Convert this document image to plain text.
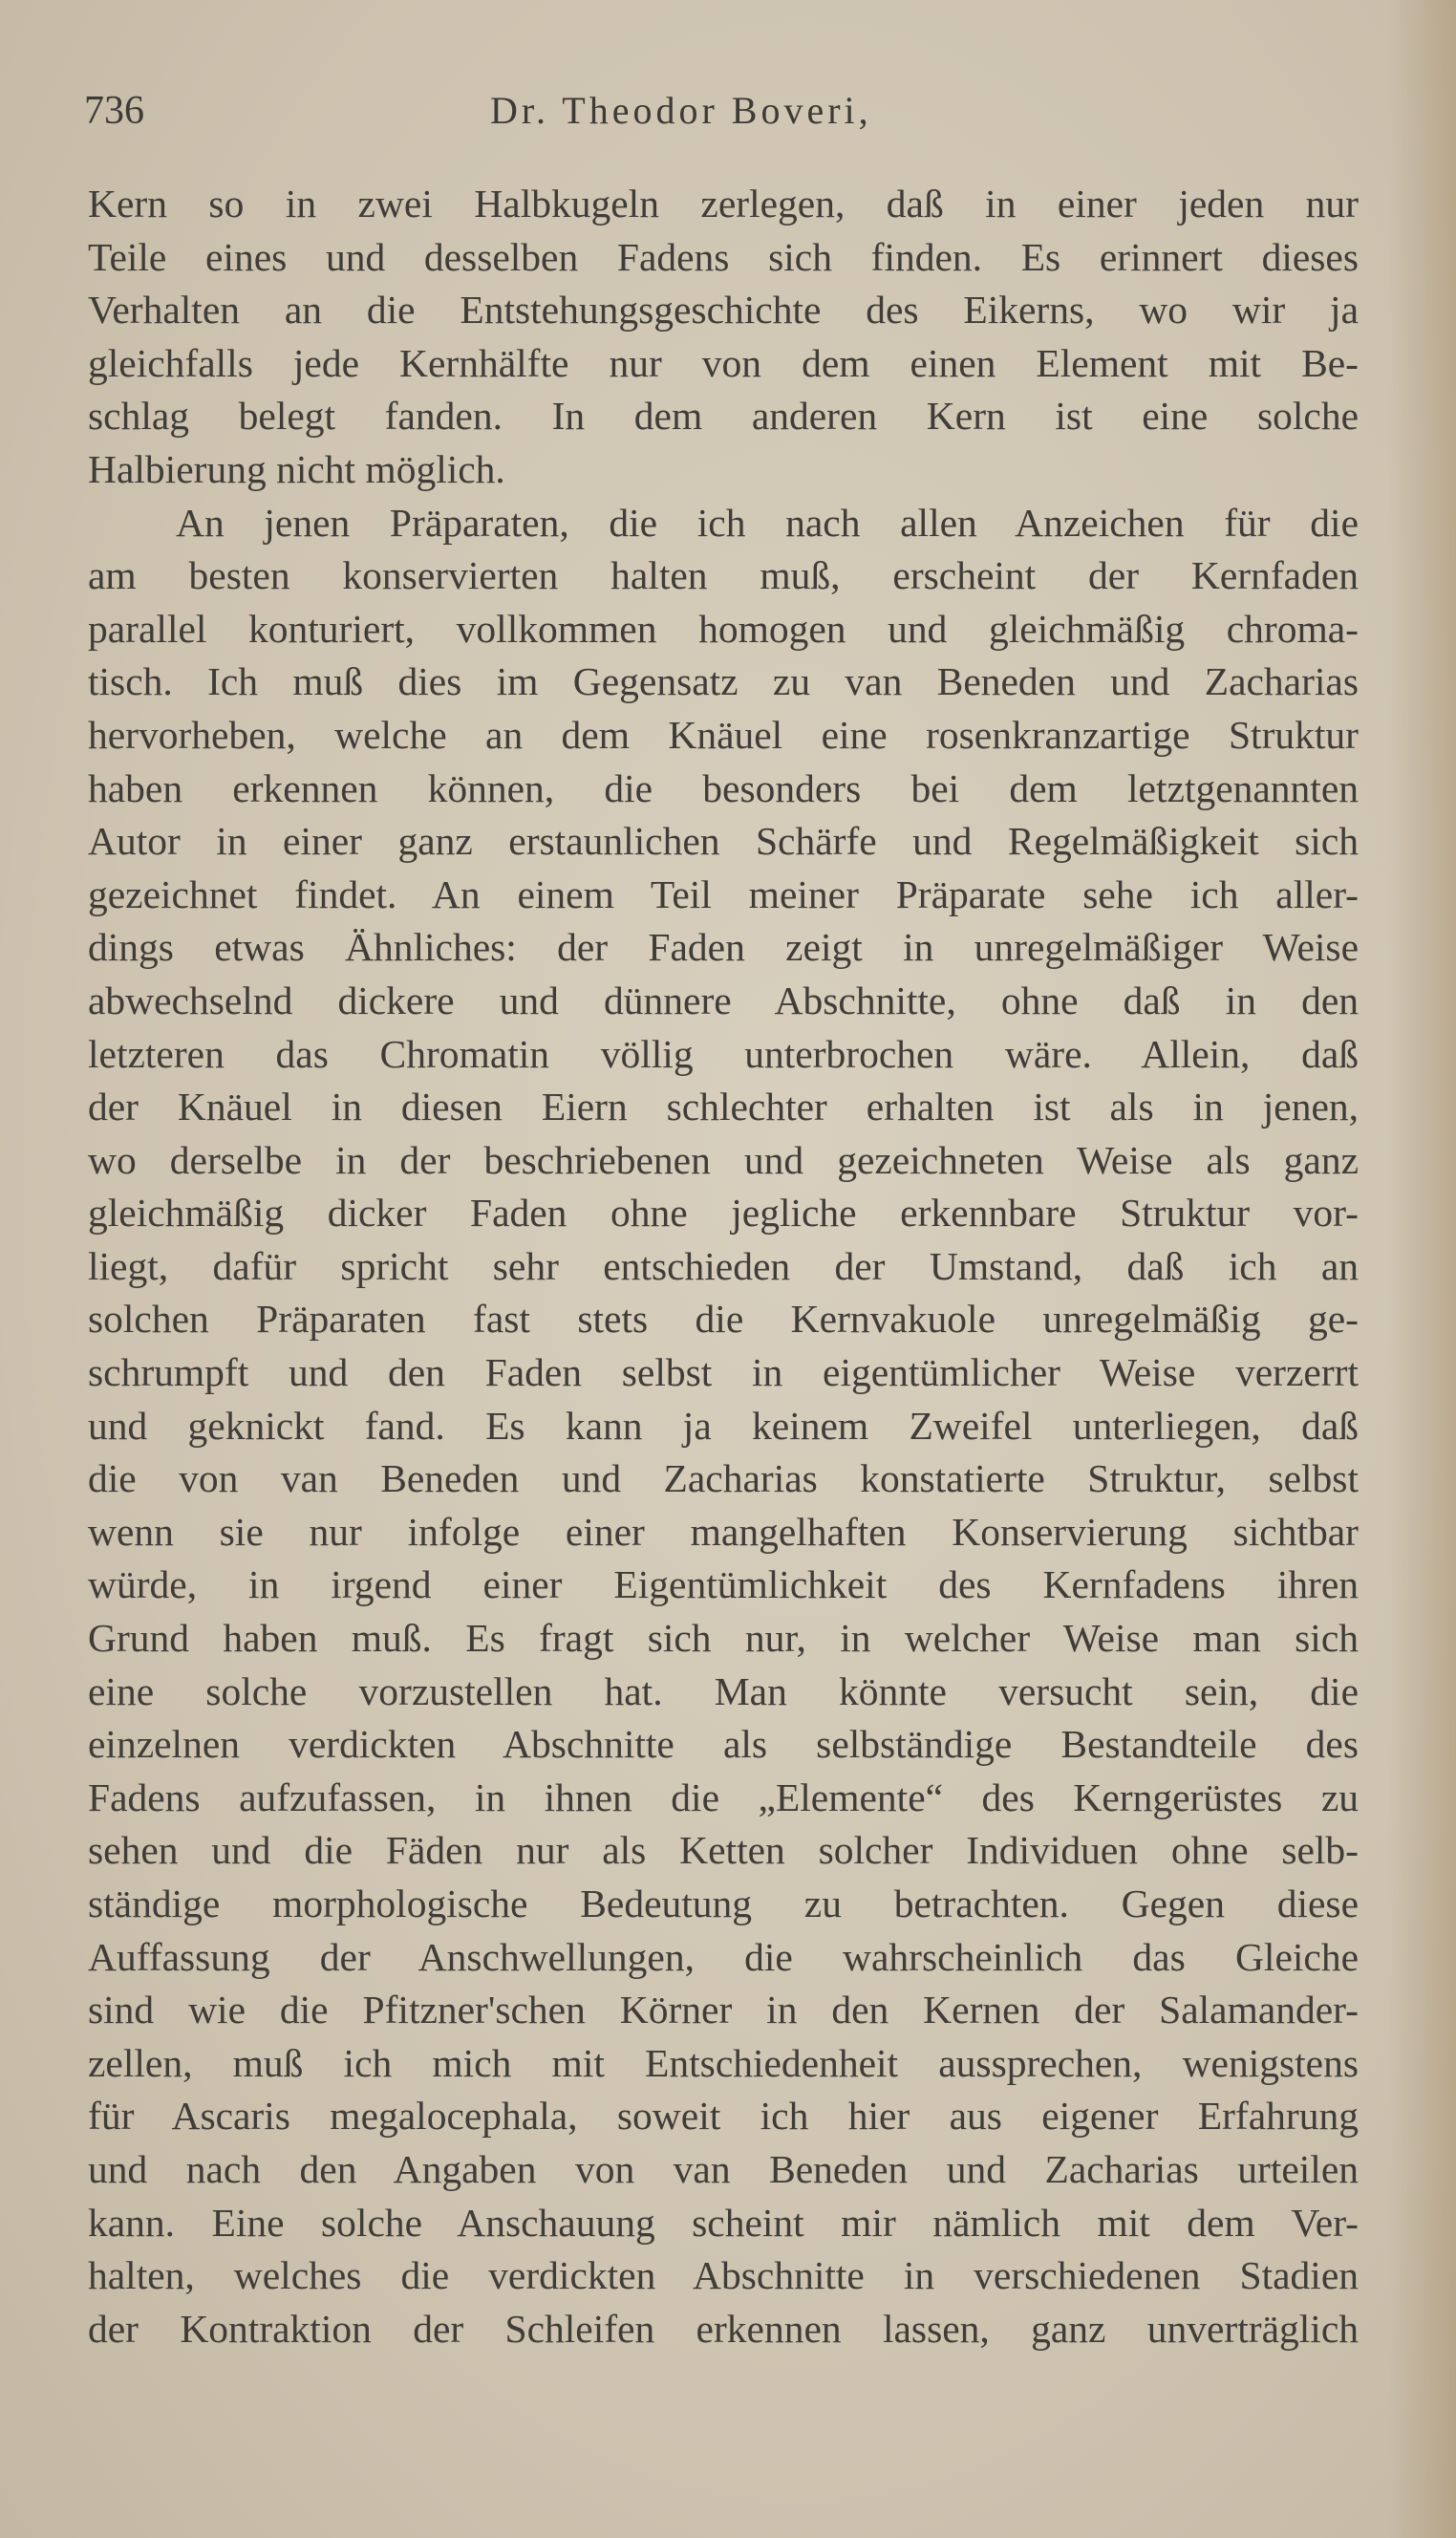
736	Dr. Theodor Boveri,
Kern so in zwei Halbkugeln zerlegen, daß in einer jeden nur
Teile eines und desselben Fadens sich finden. Es erinnert dieses
Verhalten an die Entstehungsgeschichte des Eikerns, wo wir ja
gleichfalls jede Kernhälfte nur von dem einen Element mit Be-
schlag belegt fanden. In dem anderen Kern ist eine solche
Halbierung nicht möglich.
An jenen Präparaten, die ich nach allen Anzeichen für die
am besten konservierten halten muß, erscheint der Kernfaden
parallel konturiert, vollkommen homogen und gleichmäßig chroma-
tisch. Ich muß dies im Gegensatz zu van Beneden und Zacharias
hervorheben, welche an dem Knäuel eine rosenkranzartige Struktur
haben erkennen können, die besonders bei dem letztgenannten
Autor in einer ganz erstaunlichen Schärfe und Regelmäßigkeit sich
gezeichnet findet. An einem Teil meiner Präparate sehe ich aller-
dings etwas Ähnliches: der Faden zeigt in unregelmäßiger Weise
abwechselnd dickere und dünnere Abschnitte, ohne daß in den
letzteren das Chromatin völlig unterbrochen wäre. Allein, daß
der Knäuel in diesen Eiern schlechter erhalten ist als in jenen,
wo derselbe in der beschriebenen und gezeichneten Weise als ganz
gleichmäßig dicker Faden ohne jegliche erkennbare Struktur vor-
liegt, dafür spricht sehr entschieden der Umstand, daß ich an
solchen Präparaten fast stets die Kernvakuole unregelmäßig ge-
schrumpft und den Faden selbst in eigentümlicher Weise verzerrt
und geknickt fand. Es kann ja keinem Zweifel unterliegen, daß
die von van Beneden und Zacharias konstatierte Struktur, selbst
wenn sie nur infolge einer mangelhaften Konservierung sichtbar
würde, in irgend einer Eigentümlichkeit des Kernfadens ihren
Grund haben muß. Es fragt sich nur, in welcher Weise man sich
eine solche vorzustellen hat. Man könnte versucht sein, die
einzelnen verdickten Abschnitte als selbständige Bestandteile des
Fadens aufzufassen, in ihnen die „Elemente“ des Kerngerüstes zu
sehen und die Fäden nur als Ketten solcher Individuen ohne selb-
ständige morphologische Bedeutung zu betrachten. Gegen diese
Auffassung der Anschwellungen, die wahrscheinlich das Gleiche
sind wie die Pfitzner'schen Körner in den Kernen der Salamander-
zellen, muß ich mich mit Entschiedenheit aussprechen, wenigstens
für Ascaris megalocephala, soweit ich hier aus eigener Erfahrung
und nach den Angaben von van Beneden und Zacharias urteilen
kann. Eine solche Anschauung scheint mir nämlich mit dem Ver-
halten, welches die verdickten Abschnitte in verschiedenen Stadien
der Kontraktion der Schleifen erkennen lassen, ganz unverträglich
